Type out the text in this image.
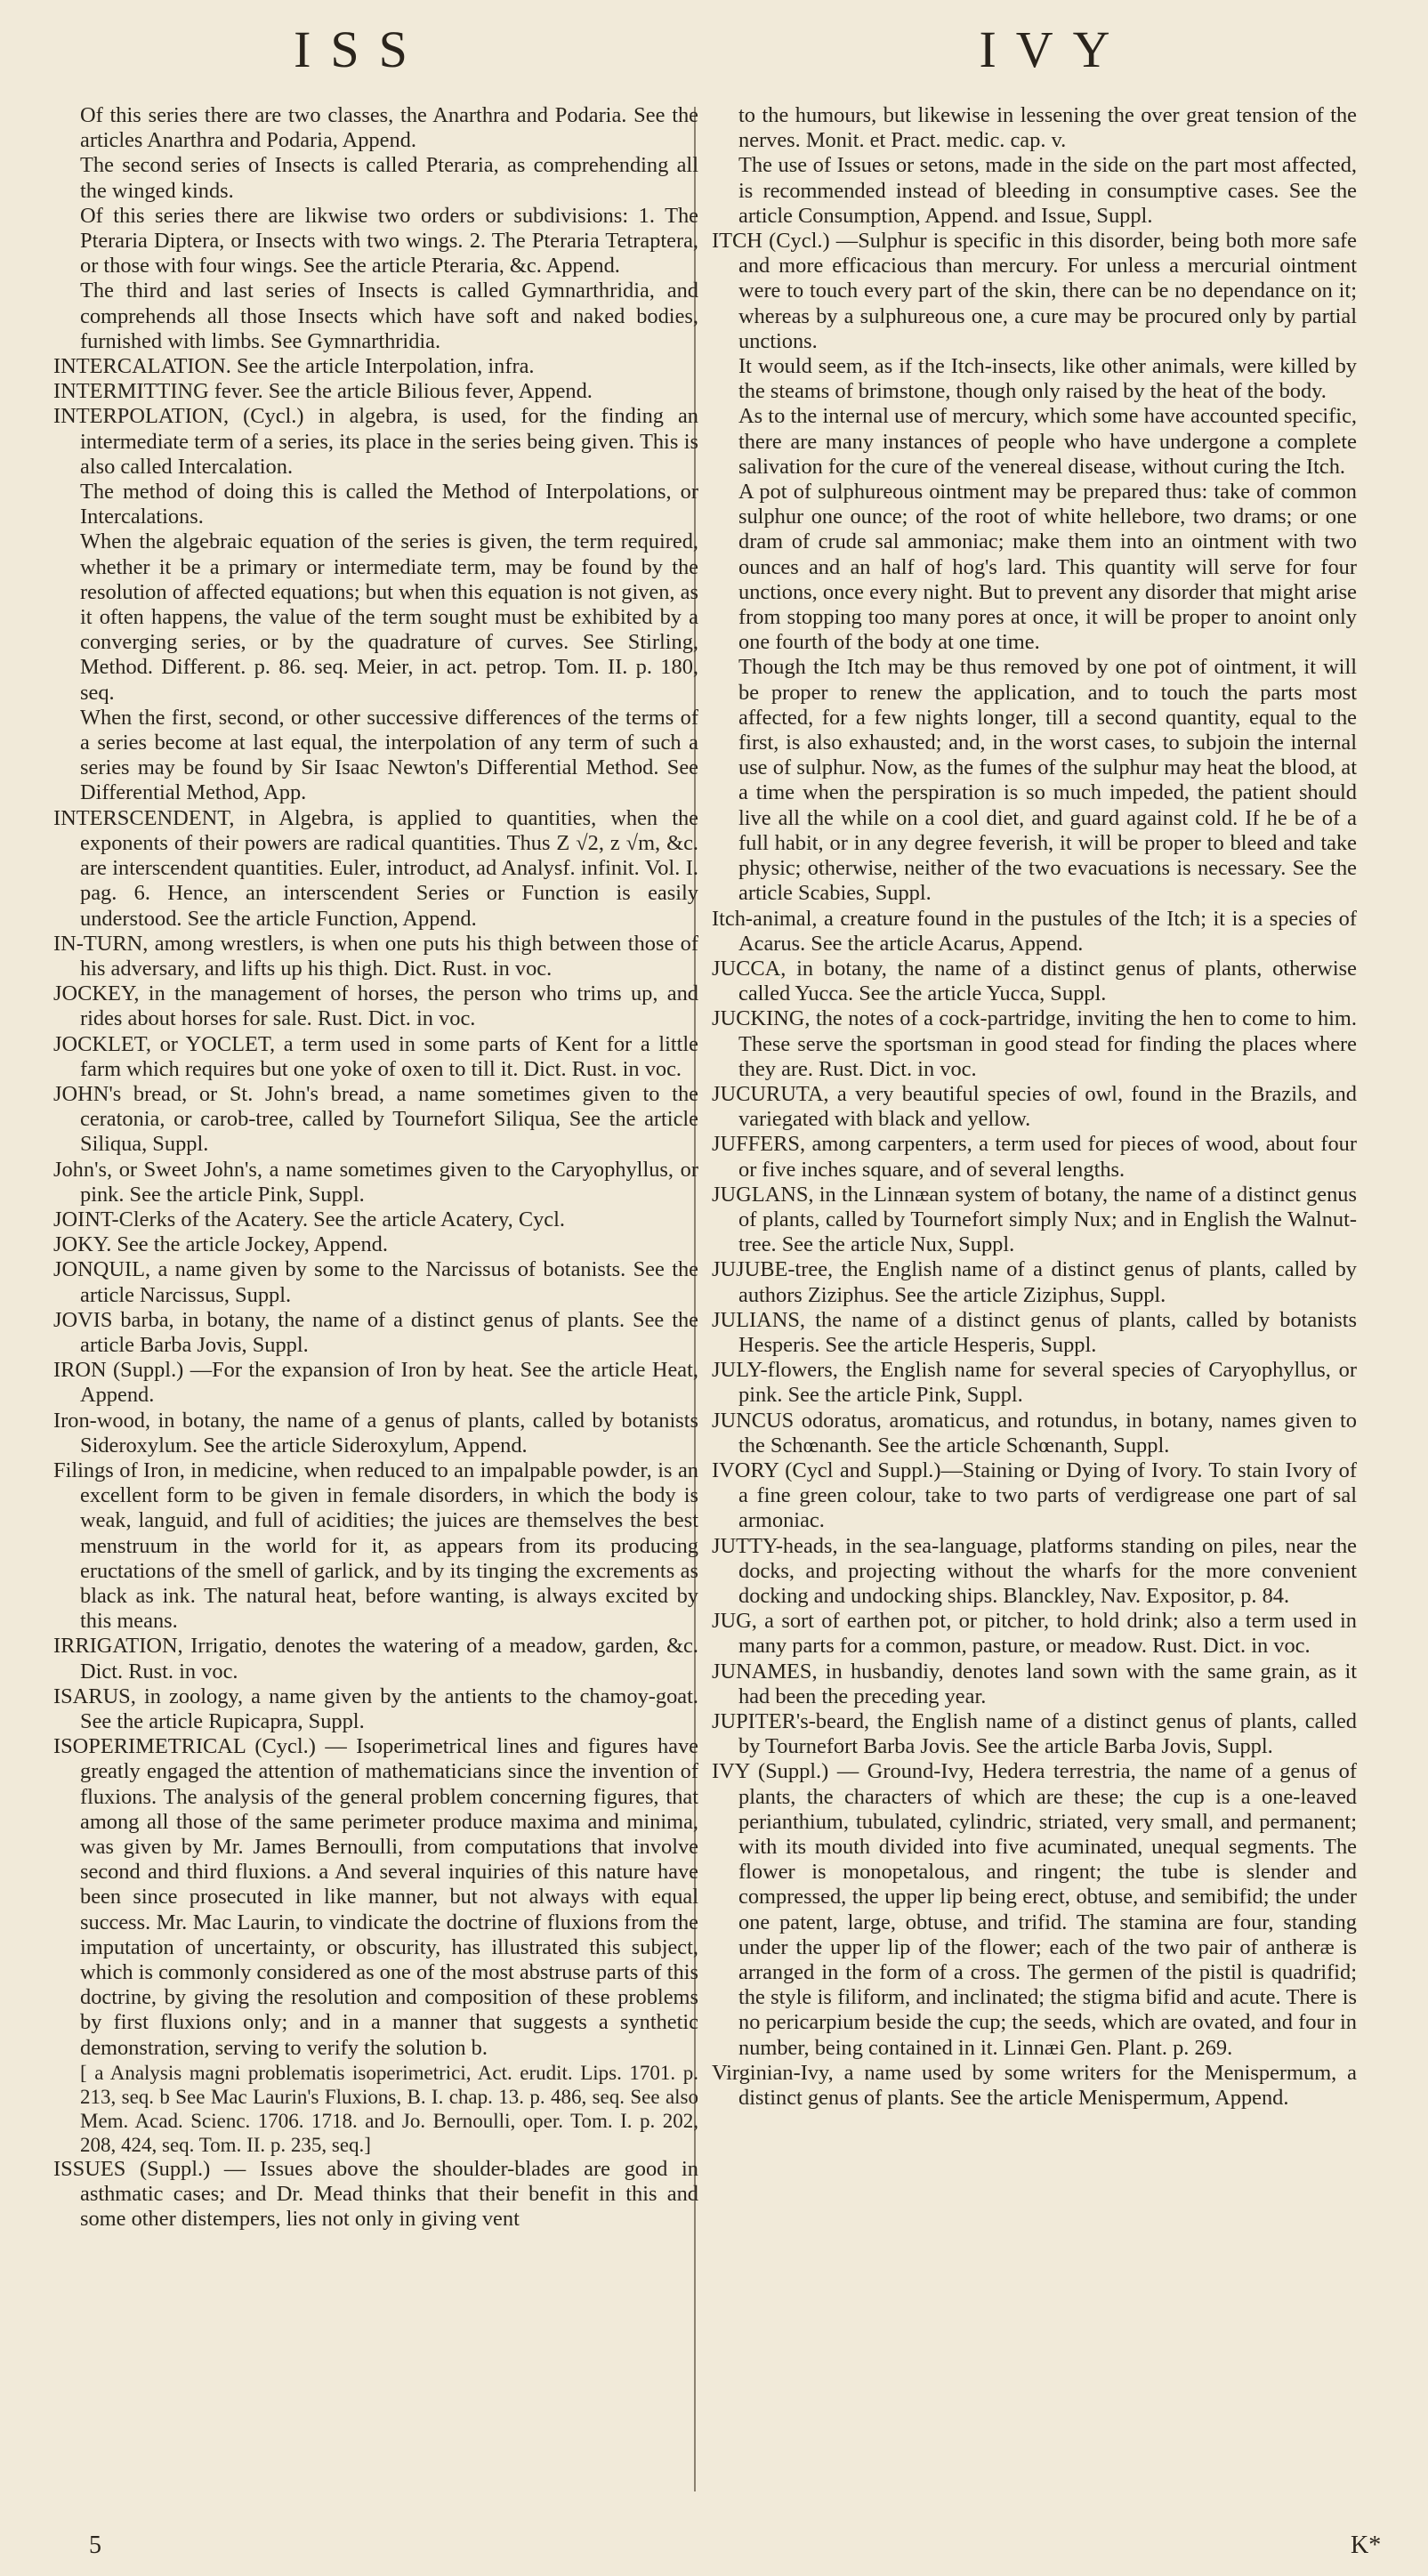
ISS	IVY

Of this series there are two classes, the Anarthra and Podaria. See the articles Anarthra and Podaria, Append.

The second series of Insects is called Pteraria, as comprehending all the winged kinds.

Of this series there are likwise two orders or subdivisions: 1. The Pteraria Diptera, or Insects with two wings. 2. The Pteraria Tetraptera, or those with four wings. See the article Pteraria, &c. Append.

The third and last series of Insects is called Gymnarthridia, and comprehends all those Insects which have soft and naked bodies, furnished with limbs. See Gymnarthridia.

INTERCALATION. See the article Interpolation, infra.

INTERMITTING fever. See the article Bilious fever, Append.

INTERPOLATION, (Cycl.) in algebra, is used, for the finding an intermediate term of a series, its place in the series being given. This is also called Intercalation.

The method of doing this is called the Method of Interpolations, or Intercalations.

When the algebraic equation of the series is given, the term required, whether it be a primary or intermediate term, may be found by the resolution of affected equations; but when this equation is not given, as it often happens, the value of the term sought must be exhibited by a converging series, or by the quadrature of curves. See Stirling, Method. Different. p. 86. seq. Meier, in act. petrop. Tom. II. p. 180, seq.

When the first, second, or other successive differences of the terms of a series become at last equal, the interpolation of any term of such a series may be found by Sir Isaac Newton's Differential Method. See Differential Method, App.

INTERSCENDENT, in Algebra, is applied to quantities, when the exponents of their powers are radical quantities. Thus Z √2, z √m, &c. are interscendent quantities. Euler, introduct, ad Analysf. infinit. Vol. I. pag. 6. Hence, an interscendent Series or Function is easily understood. See the article Function, Append.

IN-TURN, among wrestlers, is when one puts his thigh between those of his adversary, and lifts up his thigh. Dict. Rust. in voc.

JOCKEY, in the management of horses, the person who trims up, and rides about horses for sale. Rust. Dict. in voc.

JOCKLET, or YOCLET, a term used in some parts of Kent for a little farm which requires but one yoke of oxen to till it. Dict. Rust. in voc.

JOHN's bread, or St. John's bread, a name sometimes given to the ceratonia, or carob-tree, called by Tournefort Siliqua, See the article Siliqua, Suppl.

John's, or Sweet John's, a name sometimes given to the Caryophyllus, or pink. See the article Pink, Suppl.

JOINT-Clerks of the Acatery. See the article Acatery, Cycl.

JOKY. See the article Jockey, Append.

JONQUIL, a name given by some to the Narcissus of botanists. See the article Narcissus, Suppl.

JOVIS barba, in botany, the name of a distinct genus of plants. See the article Barba Jovis, Suppl.

IRON (Suppl.) —For the expansion of Iron by heat. See the article Heat, Append.

Iron-wood, in botany, the name of a genus of plants, called by botanists Sideroxylum. See the article Sideroxylum, Append.

Filings of Iron, in medicine, when reduced to an impalpable powder, is an excellent form to be given in female disorders, in which the body is weak, languid, and full of acidities; the juices are themselves the best menstruum in the world for it, as appears from its producing eructations of the smell of garlick, and by its tinging the excrements as black as ink. The natural heat, before wanting, is always excited by this means.

IRRIGATION, Irrigatio, denotes the watering of a meadow, garden, &c. Dict. Rust. in voc.

ISARUS, in zoology, a name given by the antients to the chamoy-goat. See the article Rupicapra, Suppl.

ISOPERIMETRICAL (Cycl.) — Isoperimetrical lines and figures have greatly engaged the attention of mathematicians since the invention of fluxions. The analysis of the general problem concerning figures, that among all those of the same perimeter produce maxima and minima, was given by Mr. James Bernoulli, from computations that involve second and third fluxions. a And several inquiries of this nature have been since prosecuted in like manner, but not always with equal success. Mr. Mac Laurin, to vindicate the doctrine of fluxions from the imputation of uncertainty, or obscurity, has illustrated this subject, which is commonly considered as one of the most abstruse parts of this doctrine, by giving the resolution and composition of these problems by first fluxions only; and in a manner that suggests a synthetic demonstration, serving to verify the solution b.

[ a Analysis magni problematis isoperimetrici, Act. erudit. Lips. 1701. p. 213, seq. b See Mac Laurin's Fluxions, B. I. chap. 13. p. 486, seq. See also Mem. Acad. Scienc. 1706. 1718. and Jo. Bernoulli, oper. Tom. I. p. 202, 208, 424, seq. Tom. II. p. 235, seq.]

ISSUES (Suppl.) — Issues above the shoulder-blades are good in asthmatic cases; and Dr. Mead thinks that their benefit in this and some other distempers, lies not only in giving vent

to the humours, but likewise in lessening the over great tension of the nerves. Monit. et Pract. medic. cap. v.

The use of Issues or setons, made in the side on the part most affected, is recommended instead of bleeding in consumptive cases. See the article Consumption, Append. and Issue, Suppl.

ITCH (Cycl.) —Sulphur is specific in this disorder, being both more safe and more efficacious than mercury. For unless a mercurial ointment were to touch every part of the skin, there can be no dependance on it; whereas by a sulphureous one, a cure may be procured only by partial unctions.

It would seem, as if the Itch-insects, like other animals, were killed by the steams of brimstone, though only raised by the heat of the body.

As to the internal use of mercury, which some have accounted specific, there are many instances of people who have undergone a complete salivation for the cure of the venereal disease, without curing the Itch.

A pot of sulphureous ointment may be prepared thus: take of common sulphur one ounce; of the root of white hellebore, two drams; or one dram of crude sal ammoniac; make them into an ointment with two ounces and an half of hog's lard. This quantity will serve for four unctions, once every night. But to prevent any disorder that might arise from stopping too many pores at once, it will be proper to anoint only one fourth of the body at one time.

Though the Itch may be thus removed by one pot of ointment, it will be proper to renew the application, and to touch the parts most affected, for a few nights longer, till a second quantity, equal to the first, is also exhausted; and, in the worst cases, to subjoin the internal use of sulphur. Now, as the fumes of the sulphur may heat the blood, at a time when the perspiration is so much impeded, the patient should live all the while on a cool diet, and guard against cold. If he be of a full habit, or in any degree feverish, it will be proper to bleed and take physic; otherwise, neither of the two evacuations is necessary. See the article Scabies, Suppl.

Itch-animal, a creature found in the pustules of the Itch; it is a species of Acarus. See the article Acarus, Append.

JUCCA, in botany, the name of a distinct genus of plants, otherwise called Yucca. See the article Yucca, Suppl.

JUCKING, the notes of a cock-partridge, inviting the hen to come to him. These serve the sportsman in good stead for finding the places where they are. Rust. Dict. in voc.

JUCURUTA, a very beautiful species of owl, found in the Brazils, and variegated with black and yellow.

JUFFERS, among carpenters, a term used for pieces of wood, about four or five inches square, and of several lengths.

JUGLANS, in the Linnæan system of botany, the name of a distinct genus of plants, called by Tournefort simply Nux; and in English the Walnut-tree. See the article Nux, Suppl.

JUJUBE-tree, the English name of a distinct genus of plants, called by authors Ziziphus. See the article Ziziphus, Suppl.

JULIANS, the name of a distinct genus of plants, called by botanists Hesperis. See the article Hesperis, Suppl.

JULY-flowers, the English name for several species of Caryophyllus, or pink. See the article Pink, Suppl.

JUNCUS odoratus, aromaticus, and rotundus, in botany, names given to the Schœnanth. See the article Schœnanth, Suppl.

IVORY (Cycl and Suppl.)—Staining or Dying of Ivory. To stain Ivory of a fine green colour, take to two parts of verdigrease one part of sal armoniac.

JUTTY-heads, in the sea-language, platforms standing on piles, near the docks, and projecting without the wharfs for the more convenient docking and undocking ships. Blanckley, Nav. Expositor, p. 84.

JUG, a sort of earthen pot, or pitcher, to hold drink; also a term used in many parts for a common, pasture, or meadow. Rust. Dict. in voc.

JUNAMES, in husbandiy, denotes land sown with the same grain, as it had been the preceding year.

JUPITER's-beard, the English name of a distinct genus of plants, called by Tournefort Barba Jovis. See the article Barba Jovis, Suppl.

IVY (Suppl.) — Ground-Ivy, Hedera terrestria, the name of a genus of plants, the characters of which are these; the cup is a one-leaved perianthium, tubulated, cylindric, striated, very small, and permanent; with its mouth divided into five acuminated, unequal segments. The flower is monopetalous, and ringent; the tube is slender and compressed, the upper lip being erect, obtuse, and semibifid; the under one patent, large, obtuse, and trifid. The stamina are four, standing under the upper lip of the flower; each of the two pair of antheræ is arranged in the form of a cross. The germen of the pistil is quadrifid; the style is filiform, and inclinated; the stigma bifid and acute. There is no pericarpium beside the cup; the seeds, which are ovated, and four in number, being contained in it. Linnæi Gen. Plant. p. 269.

Virginian-Ivy, a name used by some writers for the Menispermum, a distinct genus of plants. See the article Menispermum, Append.

5	K*
